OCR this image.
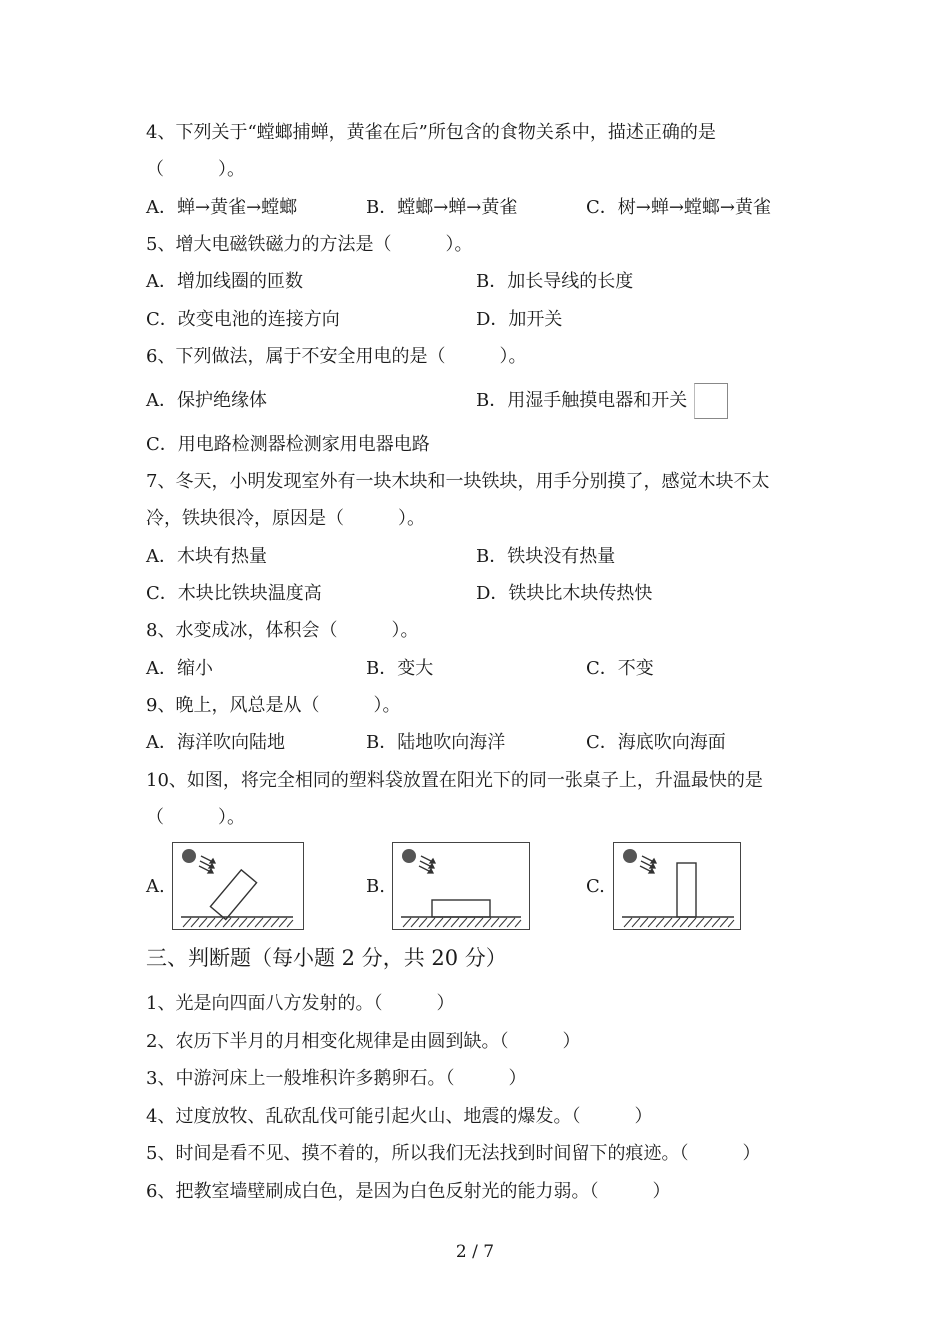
4、下列关于“螳螂捕蝉，黄雀在后”所包含的食物关系中，描述正确的是
（　　　）。
A．蝉→黄雀→螳螂	B．螳螂→蝉→黄雀	C．树→蝉→螳螂→黄雀
5、增大电磁铁磁力的方法是（　　　）。
A．增加线圈的匝数	B．加长导线的长度
C．改变电池的连接方向	D．加开关
6、下列做法，属于不安全用电的是（　　　）。
A．保护绝缘体	B．用湿手触摸电器和开关
C．用电路检测器检测家用电器电路
7、冬天，小明发现室外有一块木块和一块铁块，用手分别摸了，感觉木块不太
冷，铁块很冷，原因是（　　　）。
A．木块有热量	B．铁块没有热量
C．木块比铁块温度高	D．铁块比木块传热快
8、水变成冰，体积会（　　　）。
A．缩小	B．变大	C．不变
9、晚上，风总是从（　　　）。
A．海洋吹向陆地	B．陆地吹向海洋	C．海底吹向海面
10、如图，将完全相同的塑料袋放置在阳光下的同一张桌子上，升温最快的是
（　　　）。
A.	B.	C.
三、判断题（每小题 2 分，共 20 分）
1、光是向四面八方发射的。（　　　）
2、农历下半月的月相变化规律是由圆到缺。（　　　）
3、中游河床上一般堆积许多鹅卵石。（　　　）
4、过度放牧、乱砍乱伐可能引起火山、地震的爆发。（　　　）
5、时间是看不见、摸不着的，所以我们无法找到时间留下的痕迹。（　　　）
6、把教室墙壁刷成白色，是因为白色反射光的能力弱。（　　　）
2 / 7
